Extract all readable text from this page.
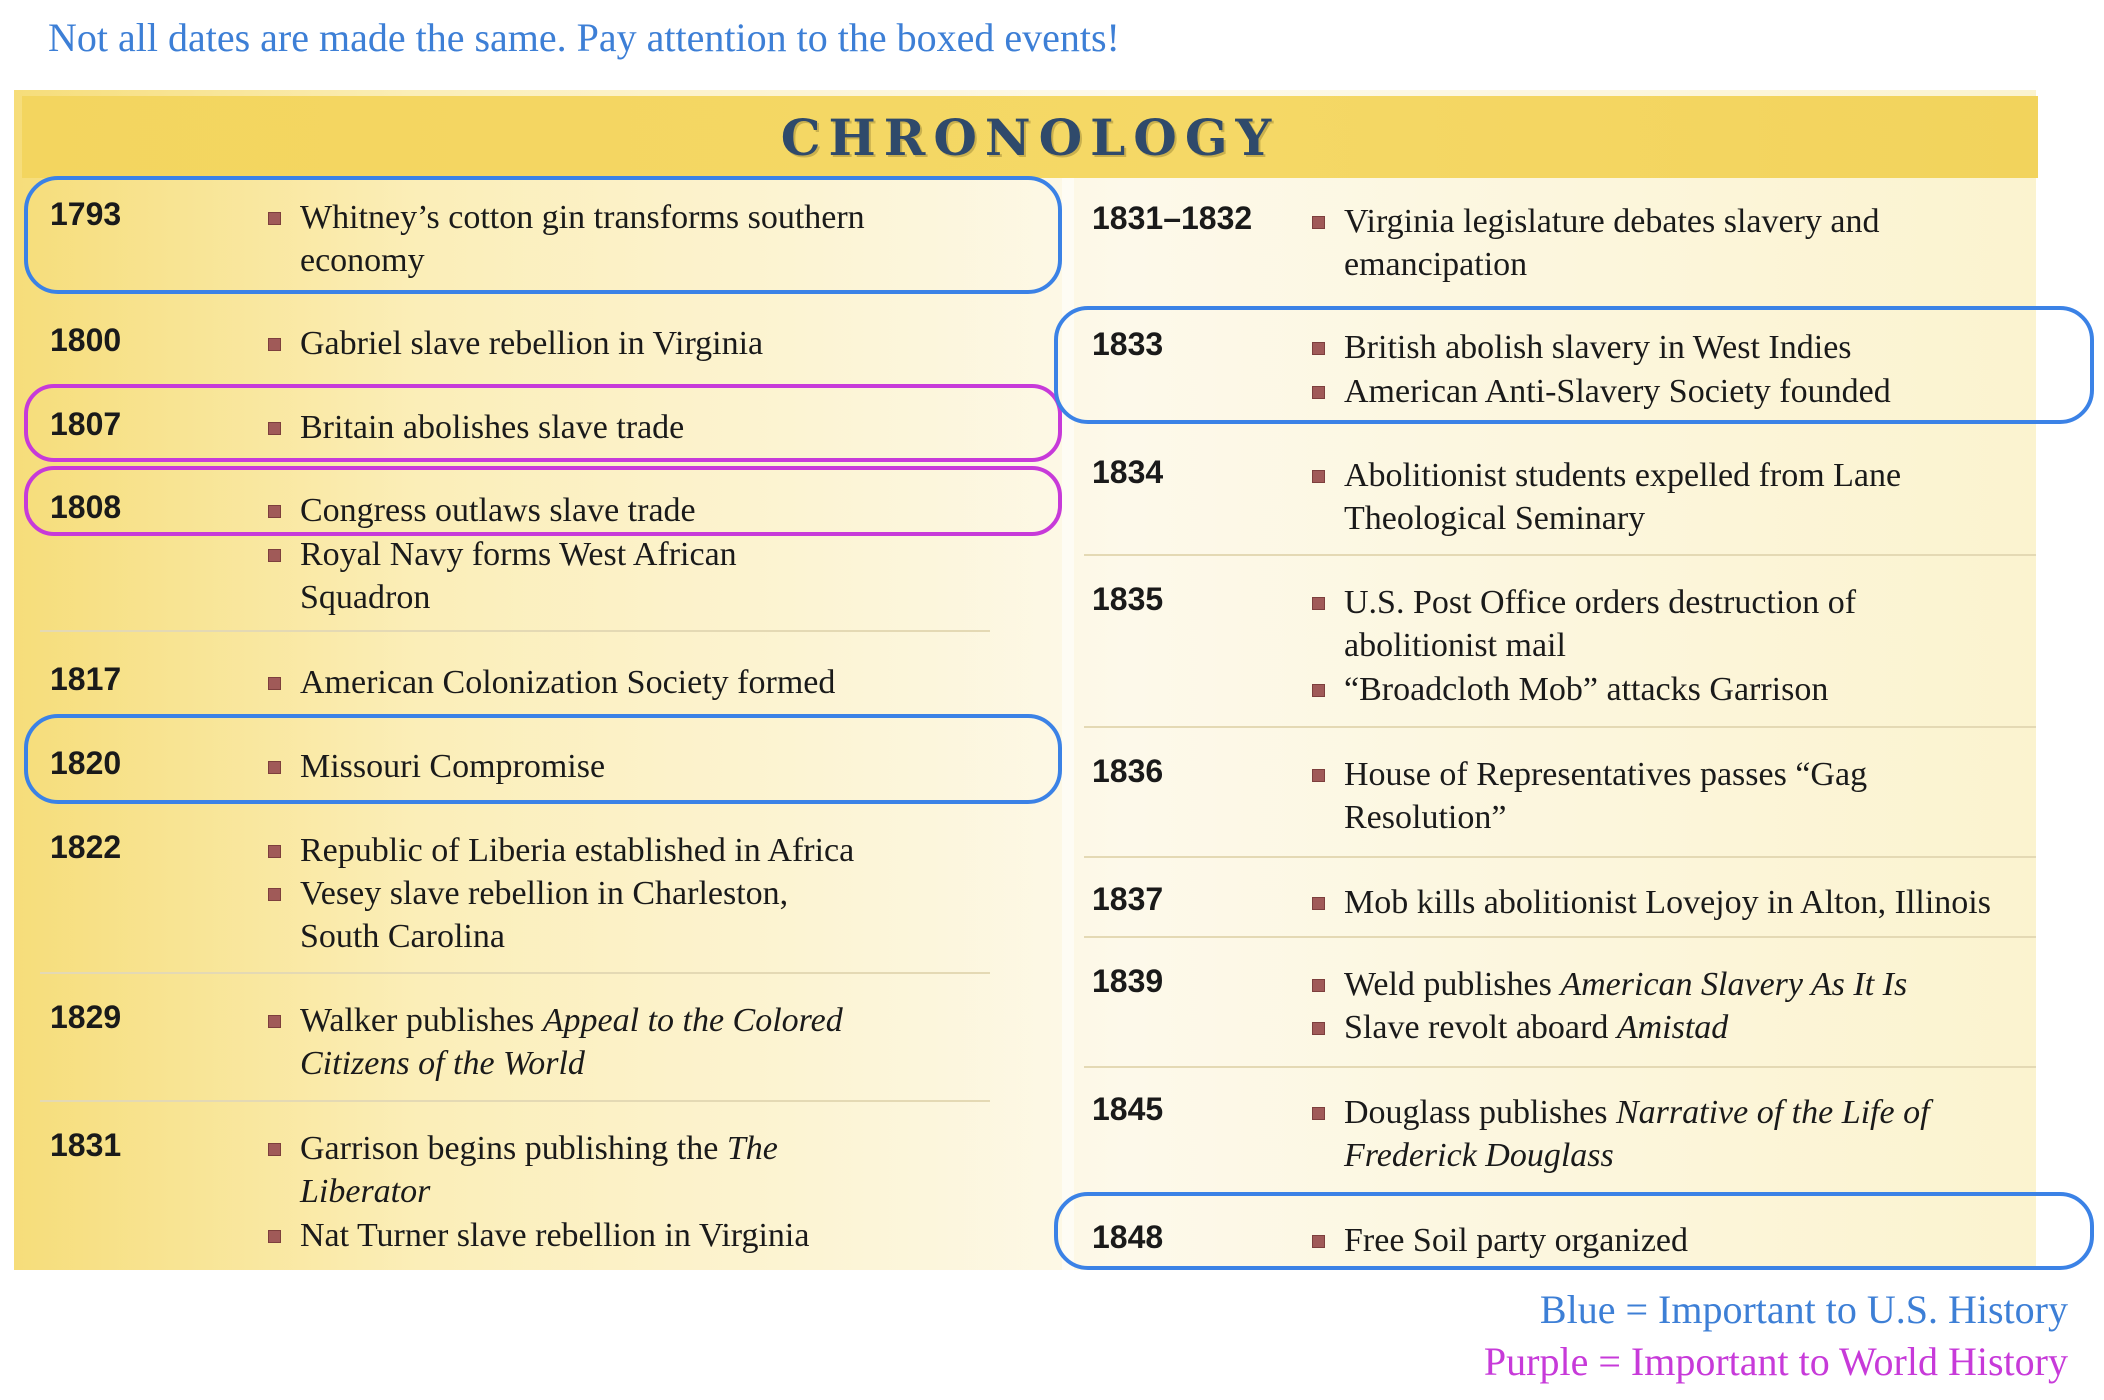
Not all dates are made the same. Pay attention to the boxed events!
CHRONOLOGY
1793	Whitney’s cotton gin transforms southern
economy
1800	Gabriel slave rebellion in Virginia
1807	Britain abolishes slave trade
1808	Congress outlaws slave trade
Royal Navy forms West African
Squadron
1817	American Colonization Society formed
1820	Missouri Compromise
1822	Republic of Liberia established in Africa
Vesey slave rebellion in Charleston,
South Carolina
1829	Walker publishes Appeal to the Colored
Citizens of the World
1831	Garrison begins publishing the The
Liberator
Nat Turner slave rebellion in Virginia
1831–1832	Virginia legislature debates slavery and
emancipation
1833	British abolish slavery in West Indies
American Anti-Slavery Society founded
1834	Abolitionist students expelled from Lane
Theological Seminary
1835	U.S. Post Office orders destruction of
abolitionist mail
“Broadcloth Mob” attacks Garrison
1836	House of Representatives passes “Gag
Resolution”
1837	Mob kills abolitionist Lovejoy in Alton, Illinois
1839	Weld publishes American Slavery As It Is
Slave revolt aboard Amistad
1845	Douglass publishes Narrative of the Life of
Frederick Douglass
1848	Free Soil party organized
Blue = Important to U.S. History
Purple = Important to World History
